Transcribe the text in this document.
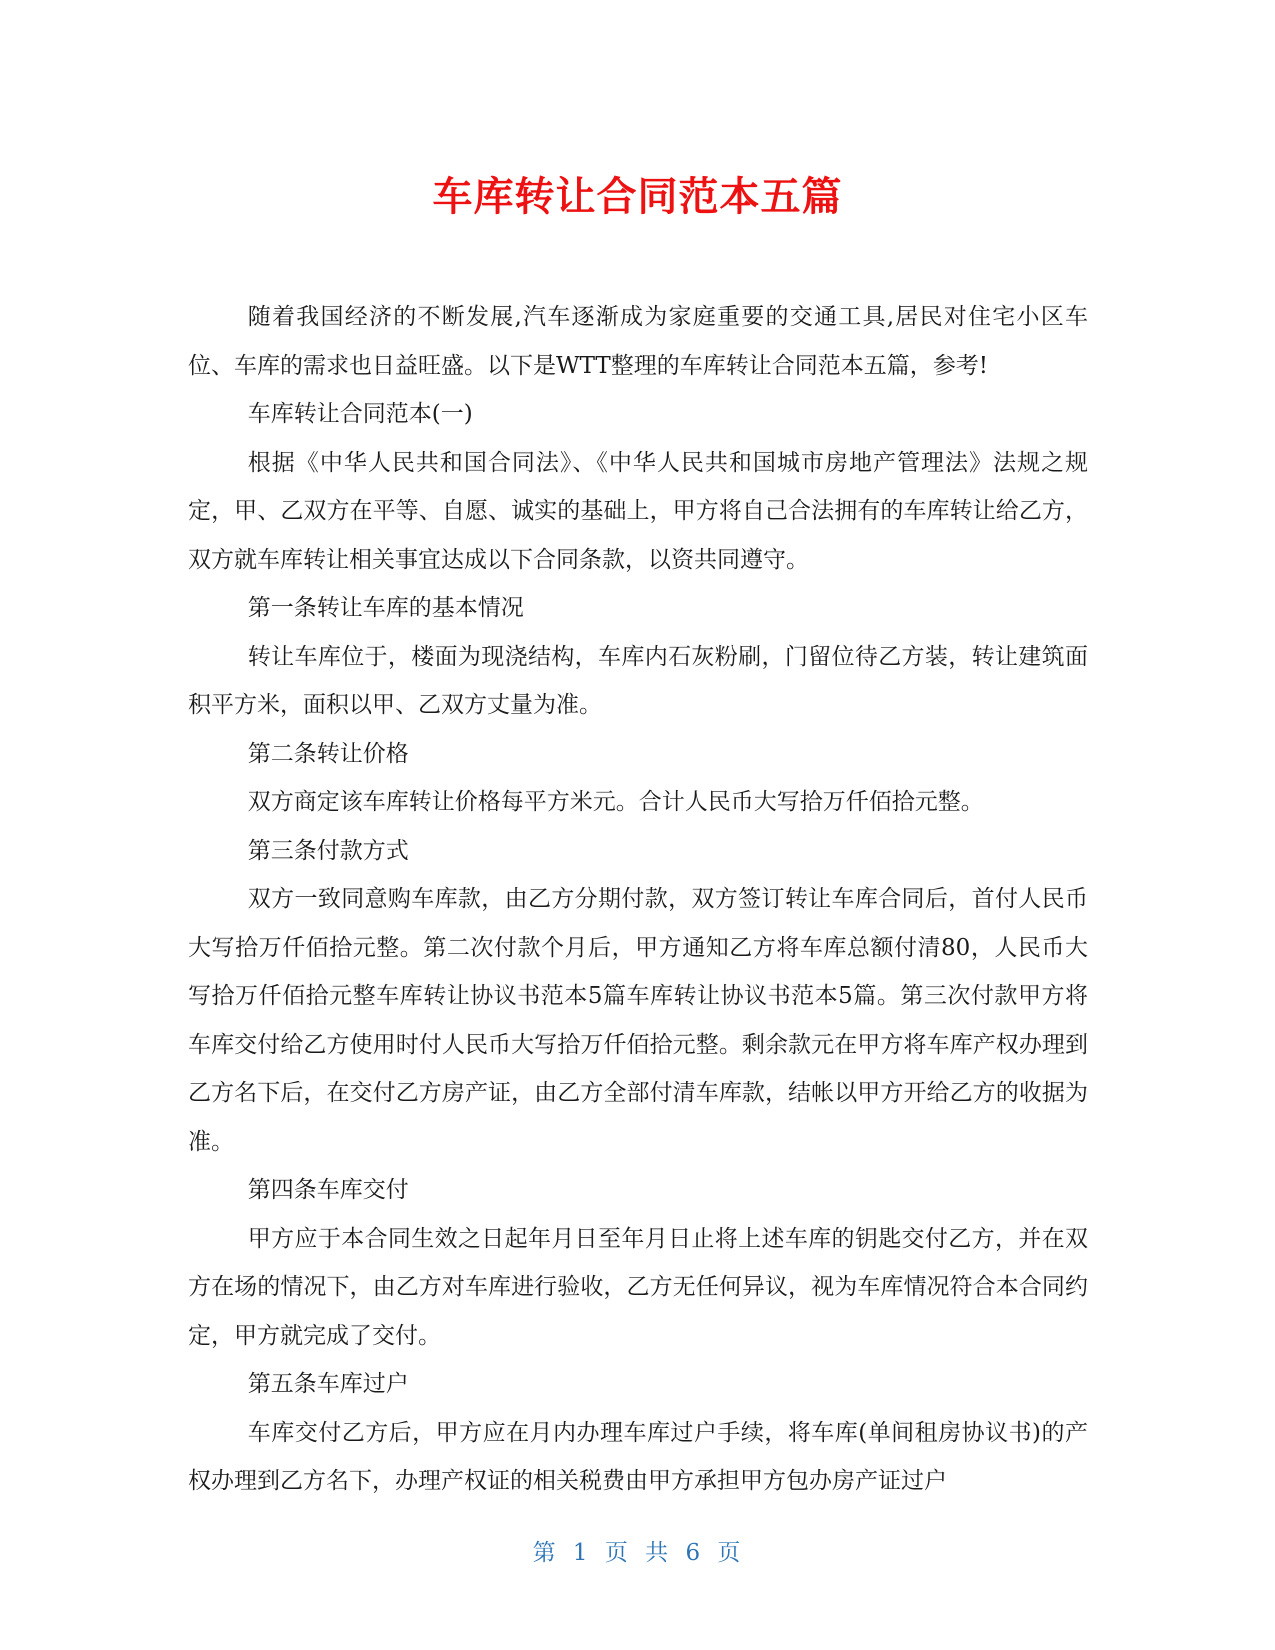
车库转让合同范本五篇

随着我国经济的不断发展,汽车逐渐成为家庭重要的交通工具,居民对住宅小区车位、车库的需求也日益旺盛。以下是WTT整理的车库转让合同范本五篇，参考!

车库转让合同范本(一)

根据《中华人民共和国合同法》、《中华人民共和国城市房地产管理法》法规之规定，甲、乙双方在平等、自愿、诚实的基础上，甲方将自己合法拥有的车库转让给乙方，双方就车库转让相关事宜达成以下合同条款，以资共同遵守。

第一条转让车库的基本情况

转让车库位于，楼面为现浇结构，车库内石灰粉刷，门留位待乙方装，转让建筑面积平方米，面积以甲、乙双方丈量为准。

第二条转让价格

双方商定该车库转让价格每平方米元。合计人民币大写拾万仟佰拾元整。

第三条付款方式

双方一致同意购车库款，由乙方分期付款，双方签订转让车库合同后，首付人民币大写拾万仟佰拾元整。第二次付款个月后，甲方通知乙方将车库总额付清80，人民币大写拾万仟佰拾元整车库转让协议书范本5篇车库转让协议书范本5篇。第三次付款甲方将车库交付给乙方使用时付人民币大写拾万仟佰拾元整。剩余款元在甲方将车库产权办理到乙方名下后，在交付乙方房产证，由乙方全部付清车库款，结帐以甲方开给乙方的收据为准。

第四条车库交付

甲方应于本合同生效之日起年月日至年月日止将上述车库的钥匙交付乙方，并在双方在场的情况下，由乙方对车库进行验收，乙方无任何异议，视为车库情况符合本合同约定，甲方就完成了交付。

第五条车库过户

车库交付乙方后，甲方应在月内办理车库过户手续，将车库(单间租房协议书)的产权办理到乙方名下，办理产权证的相关税费由甲方承担甲方包办房产证过户

第 1 页 共 6 页
